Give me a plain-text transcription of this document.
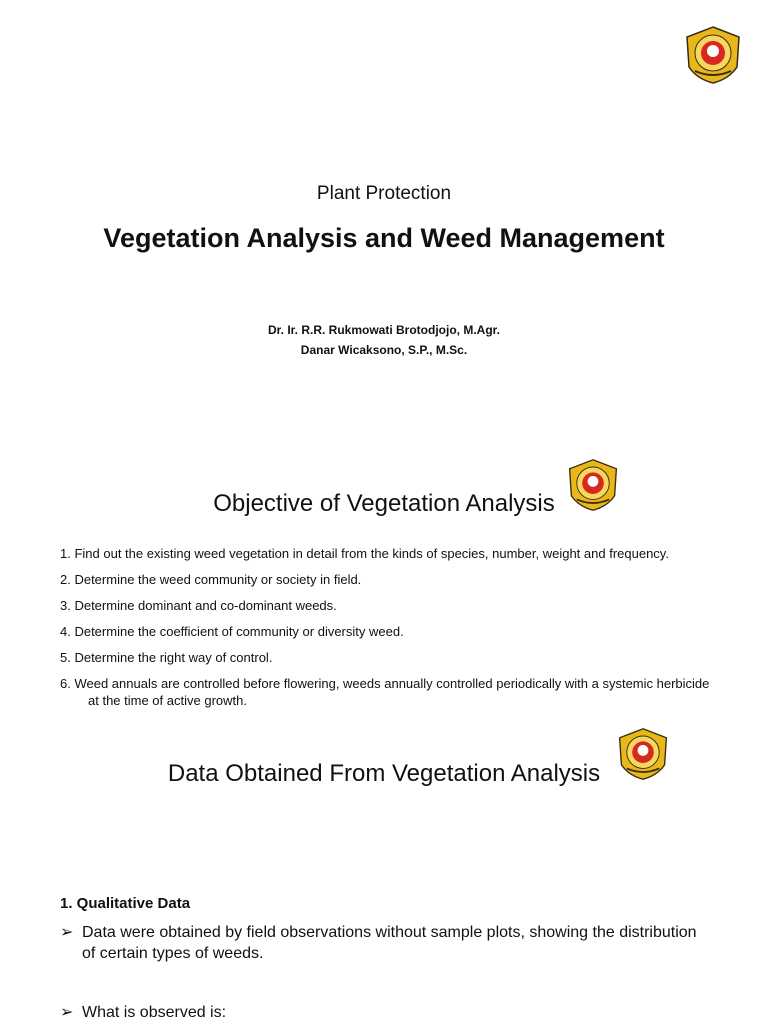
Plant Protection
Vegetation Analysis and Weed Management
Dr. Ir. R.R. Rukmowati Brotodjojo, M.Agr.
Danar Wicaksono, S.P., M.Sc.
Objective of Vegetation Analysis
1. Find out the existing weed vegetation in detail from the kinds of species, number, weight and frequency.
2. Determine the weed community or society in field.
3. Determine dominant and co-dominant weeds.
4. Determine the coefficient of community or diversity weed.
5. Determine the right way of control.
6. Weed annuals are controlled before flowering, weeds annually controlled periodically with a systemic herbicide at the time of active growth.
Data Obtained From Vegetation Analysis
1. Qualitative Data
➢ Data were obtained by field observations without sample plots, showing the distribution of certain types of weeds.
➢ What is observed is:
